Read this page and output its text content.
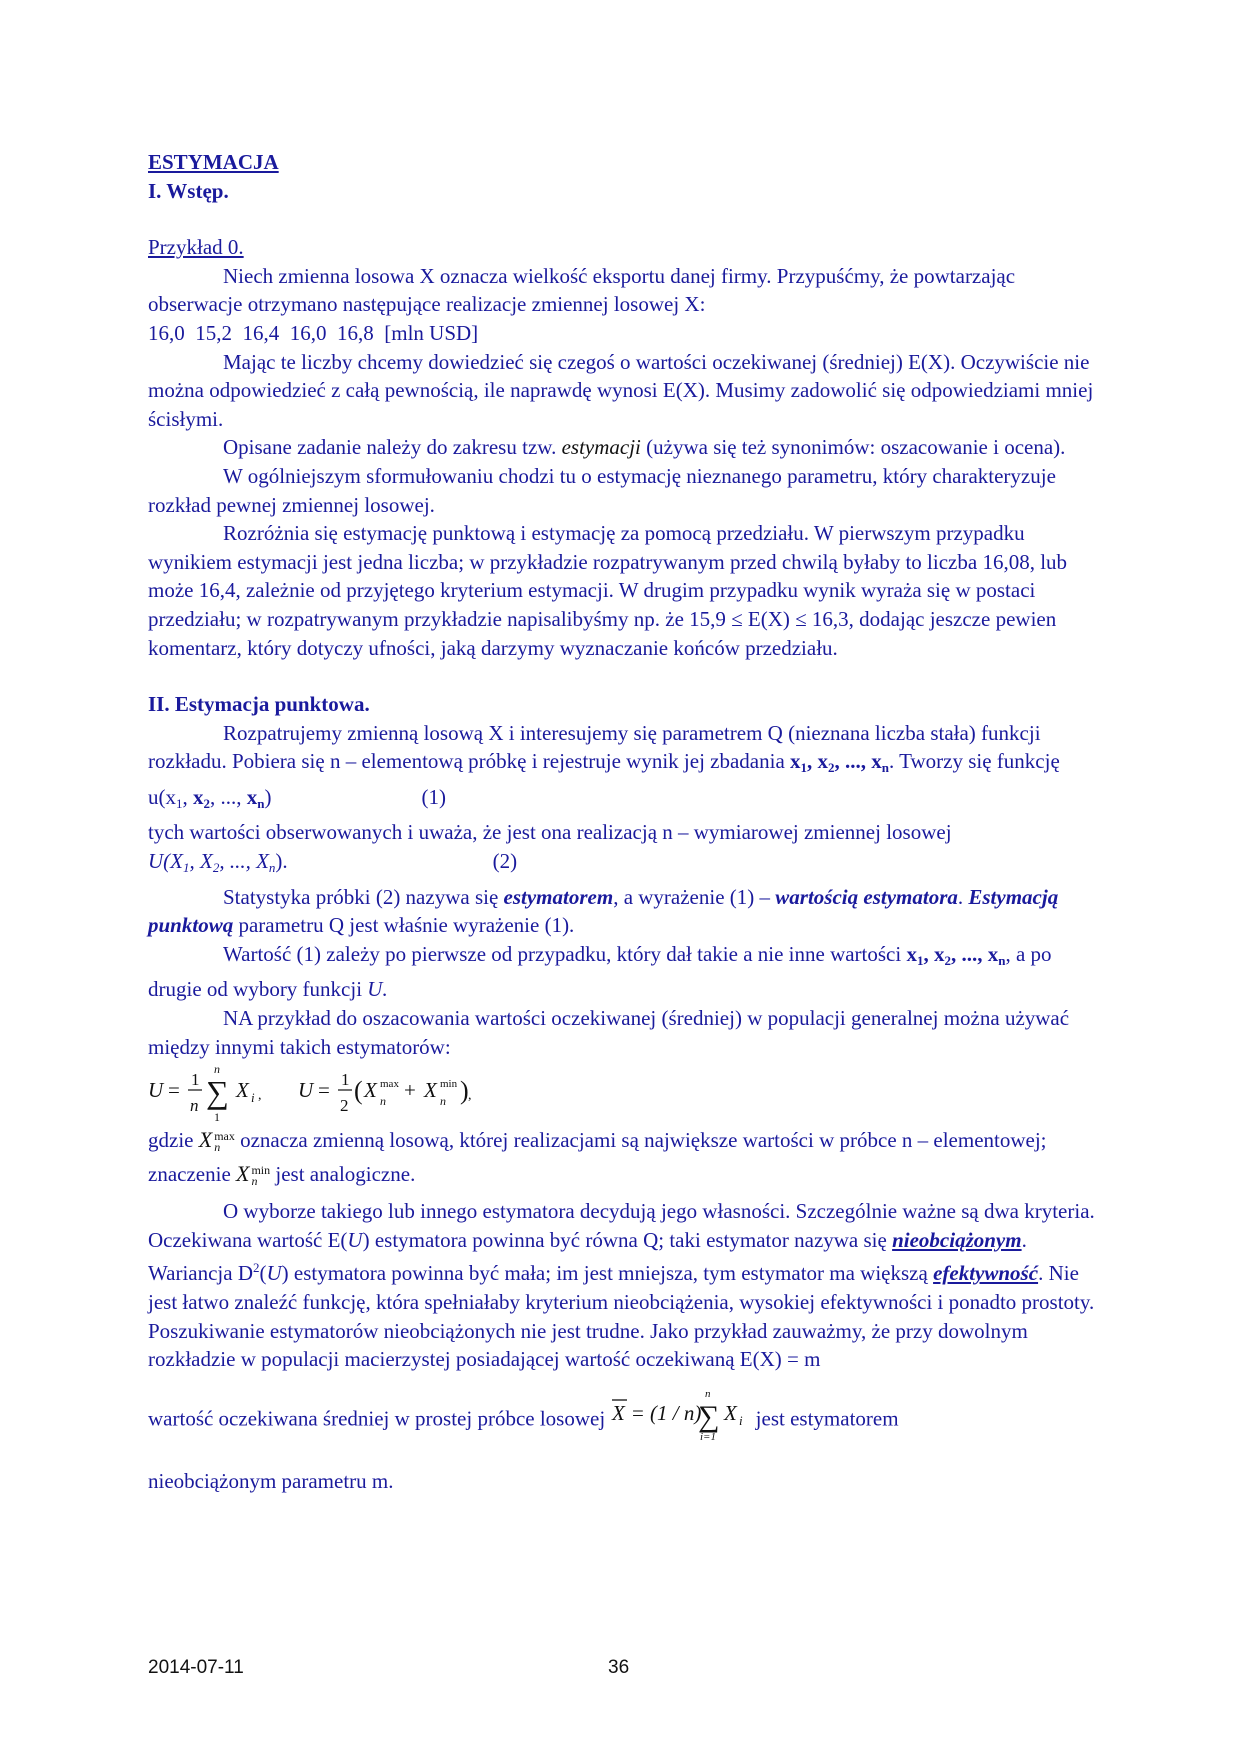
ESTYMACJA

I. Wstęp.

Przykład 0.

Niech zmienna losowa X oznacza wielkość eksportu danej firmy. Przypuśćmy, że powtarzając obserwacje otrzymano następujące realizacje zmiennej losowej X:

16,0  15,2  16,4  16,0  16,8  [mln USD]

Mając te liczby chcemy dowiedzieć się czegoś o wartości oczekiwanej (średniej) E(X). Oczywiście nie można odpowiedzieć z całą pewnością, ile naprawdę wynosi E(X). Musimy zadowolić się odpowiedziami mniej ścisłymi.

Opisane zadanie należy do zakresu tzw. estymacji (używa się też synonimów: oszacowanie i ocena).

W ogólniejszym sformułowaniu chodzi tu o estymację nieznanego parametru, który charakteryzuje rozkład pewnej zmiennej losowej.

Rozróżnia się estymację punktową i estymację za pomocą przedziału. W pierwszym przypadku wynikiem estymacji jest jedna liczba; w przykładzie rozpatrywanym przed chwilą byłaby to liczba 16,08, lub może 16,4, zależnie od przyjętego kryterium estymacji. W drugim przypadku wynik wyraża się w postaci przedziału; w rozpatrywanym przykładzie napisalibyśmy np. że 15,9 ≤ E(X) ≤ 16,3, dodając jeszcze pewien komentarz, który dotyczy ufności, jaką darzymy wyznaczanie końców przedziału.

II. Estymacja punktowa.

Rozpatrujemy zmienną losową X i interesujemy się parametrem Q (nieznana liczba stała) funkcji rozkładu. Pobiera się n – elementową próbkę i rejestruje wynik jej zbadania $x_1$, $x_2$, ..., $x_n$. Tworzy się funkcję

$u(x_1$, $x_2$, ..., $x_n$)	(1)

tych wartości obserwowanych i uważa, że jest ona realizacją n – wymiarowej zmiennej losowej

$U(X_1$, $X_2$, ..., $X_n$).	(2)

Statystyka próbki (2) nazywa się estymatorem, a wyrażenie (1) – wartością estymatora. Estymacją punktową parametru Q jest właśnie wyrażenie (1).

Wartość (1) zależy po pierwsze od przypadku, który dał takie a nie inne wartości $x_1$, $x_2$, ..., $x_n$, a po drugie od wybory funkcji U.

NA przykład do oszacowania wartości oczekiwanej (średniej) w populacji generalnej można używać między innymi takich estymatorów:

U = 1
n ∑
n
1
X i , U = 1
2
( X max
n + X min
n ) ,

gdzie X max
n oznacza zmienną losową, której realizacjami są największe wartości w próbce n – elementowej; znaczenie X min
n jest analogiczne.

O wyborze takiego lub innego estymatora decydują jego własności. Szczególnie ważne są dwa kryteria. Oczekiwana wartość E(U) estymatora powinna być równa Q; taki estymator nazywa się nieobciążonym. Wariancja $D^2(U)$ estymatora powinna być mała; im jest mniejsza, tym estymator ma większą efektywność. Nie jest łatwo znaleźć funkcję, która spełniałaby kryterium nieobciążenia, wysokiej efektywności i ponadto prostoty. Poszukiwanie estymatorów nieobciążonych nie jest trudne. Jako przykład zauważmy, że przy dowolnym rozkładzie w populacji macierzystej posiadającej wartość oczekiwaną E(X) = m

wartość oczekiwana średniej w prostej próbce losowej X = (1 / n)
∑
n
i=1
X i jest estymatorem

nieobciążonym parametru m.

2014-07-11	36
